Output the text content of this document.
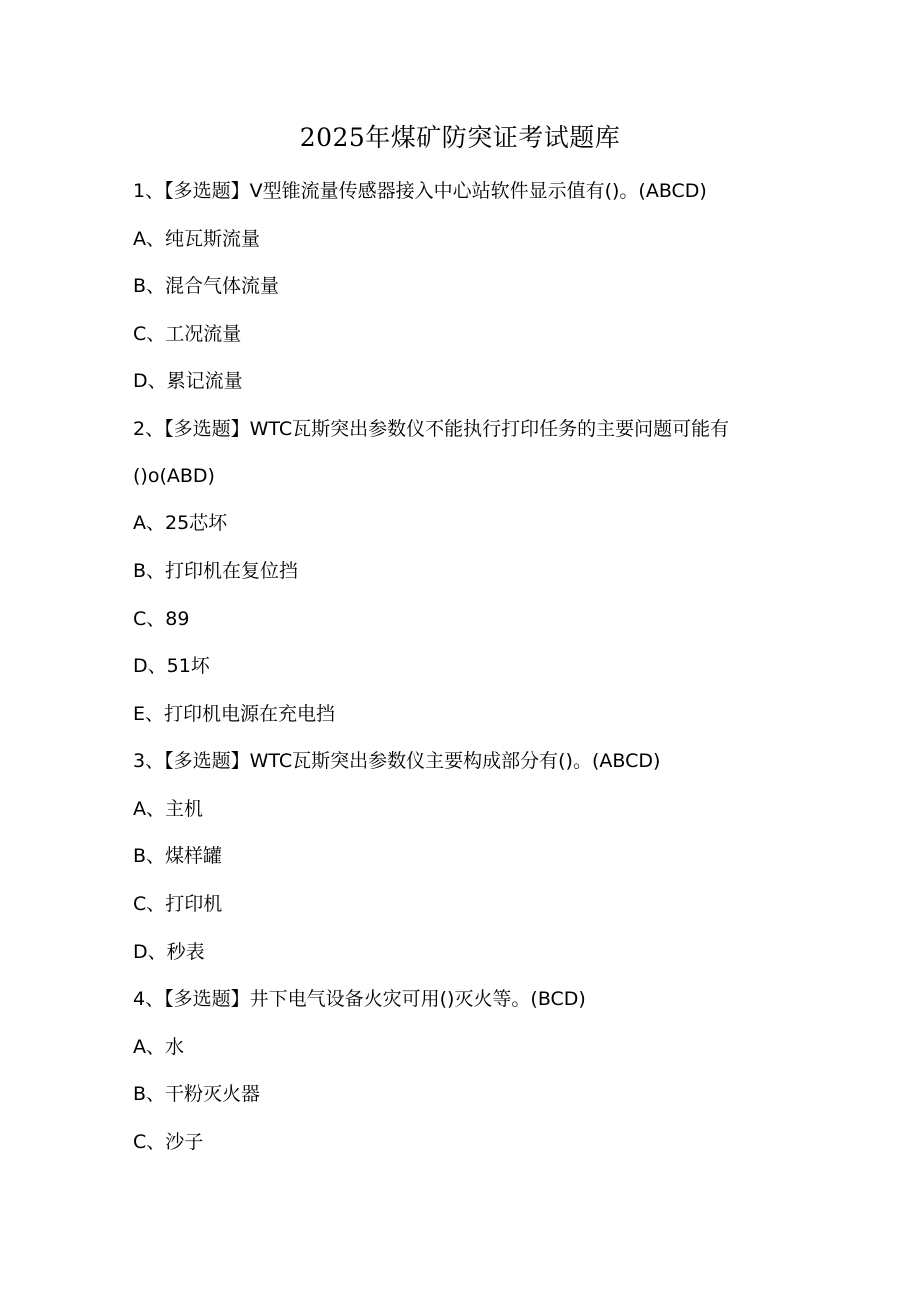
2025年煤矿防突证考试题库
1、【多选题】V型锥流量传感器接入中心站软件显示值有()。(ABCD)
A、纯瓦斯流量
B、混合气体流量
C、工况流量
D、累记流量
2、【多选题】WTC瓦斯突出参数仪不能执行打印任务的主要问题可能有
()o(ABD)
A、25芯坏
B、打印机在复位挡
C、89
D、51坏
E、打印机电源在充电挡
3、【多选题】WTC瓦斯突出参数仪主要构成部分有()。(ABCD)
A、主机
B、煤样罐
C、打印机
D、秒表
4、【多选题】井下电气设备火灾可用()灭火等。(BCD)
A、水
B、干粉灭火器
C、沙子
